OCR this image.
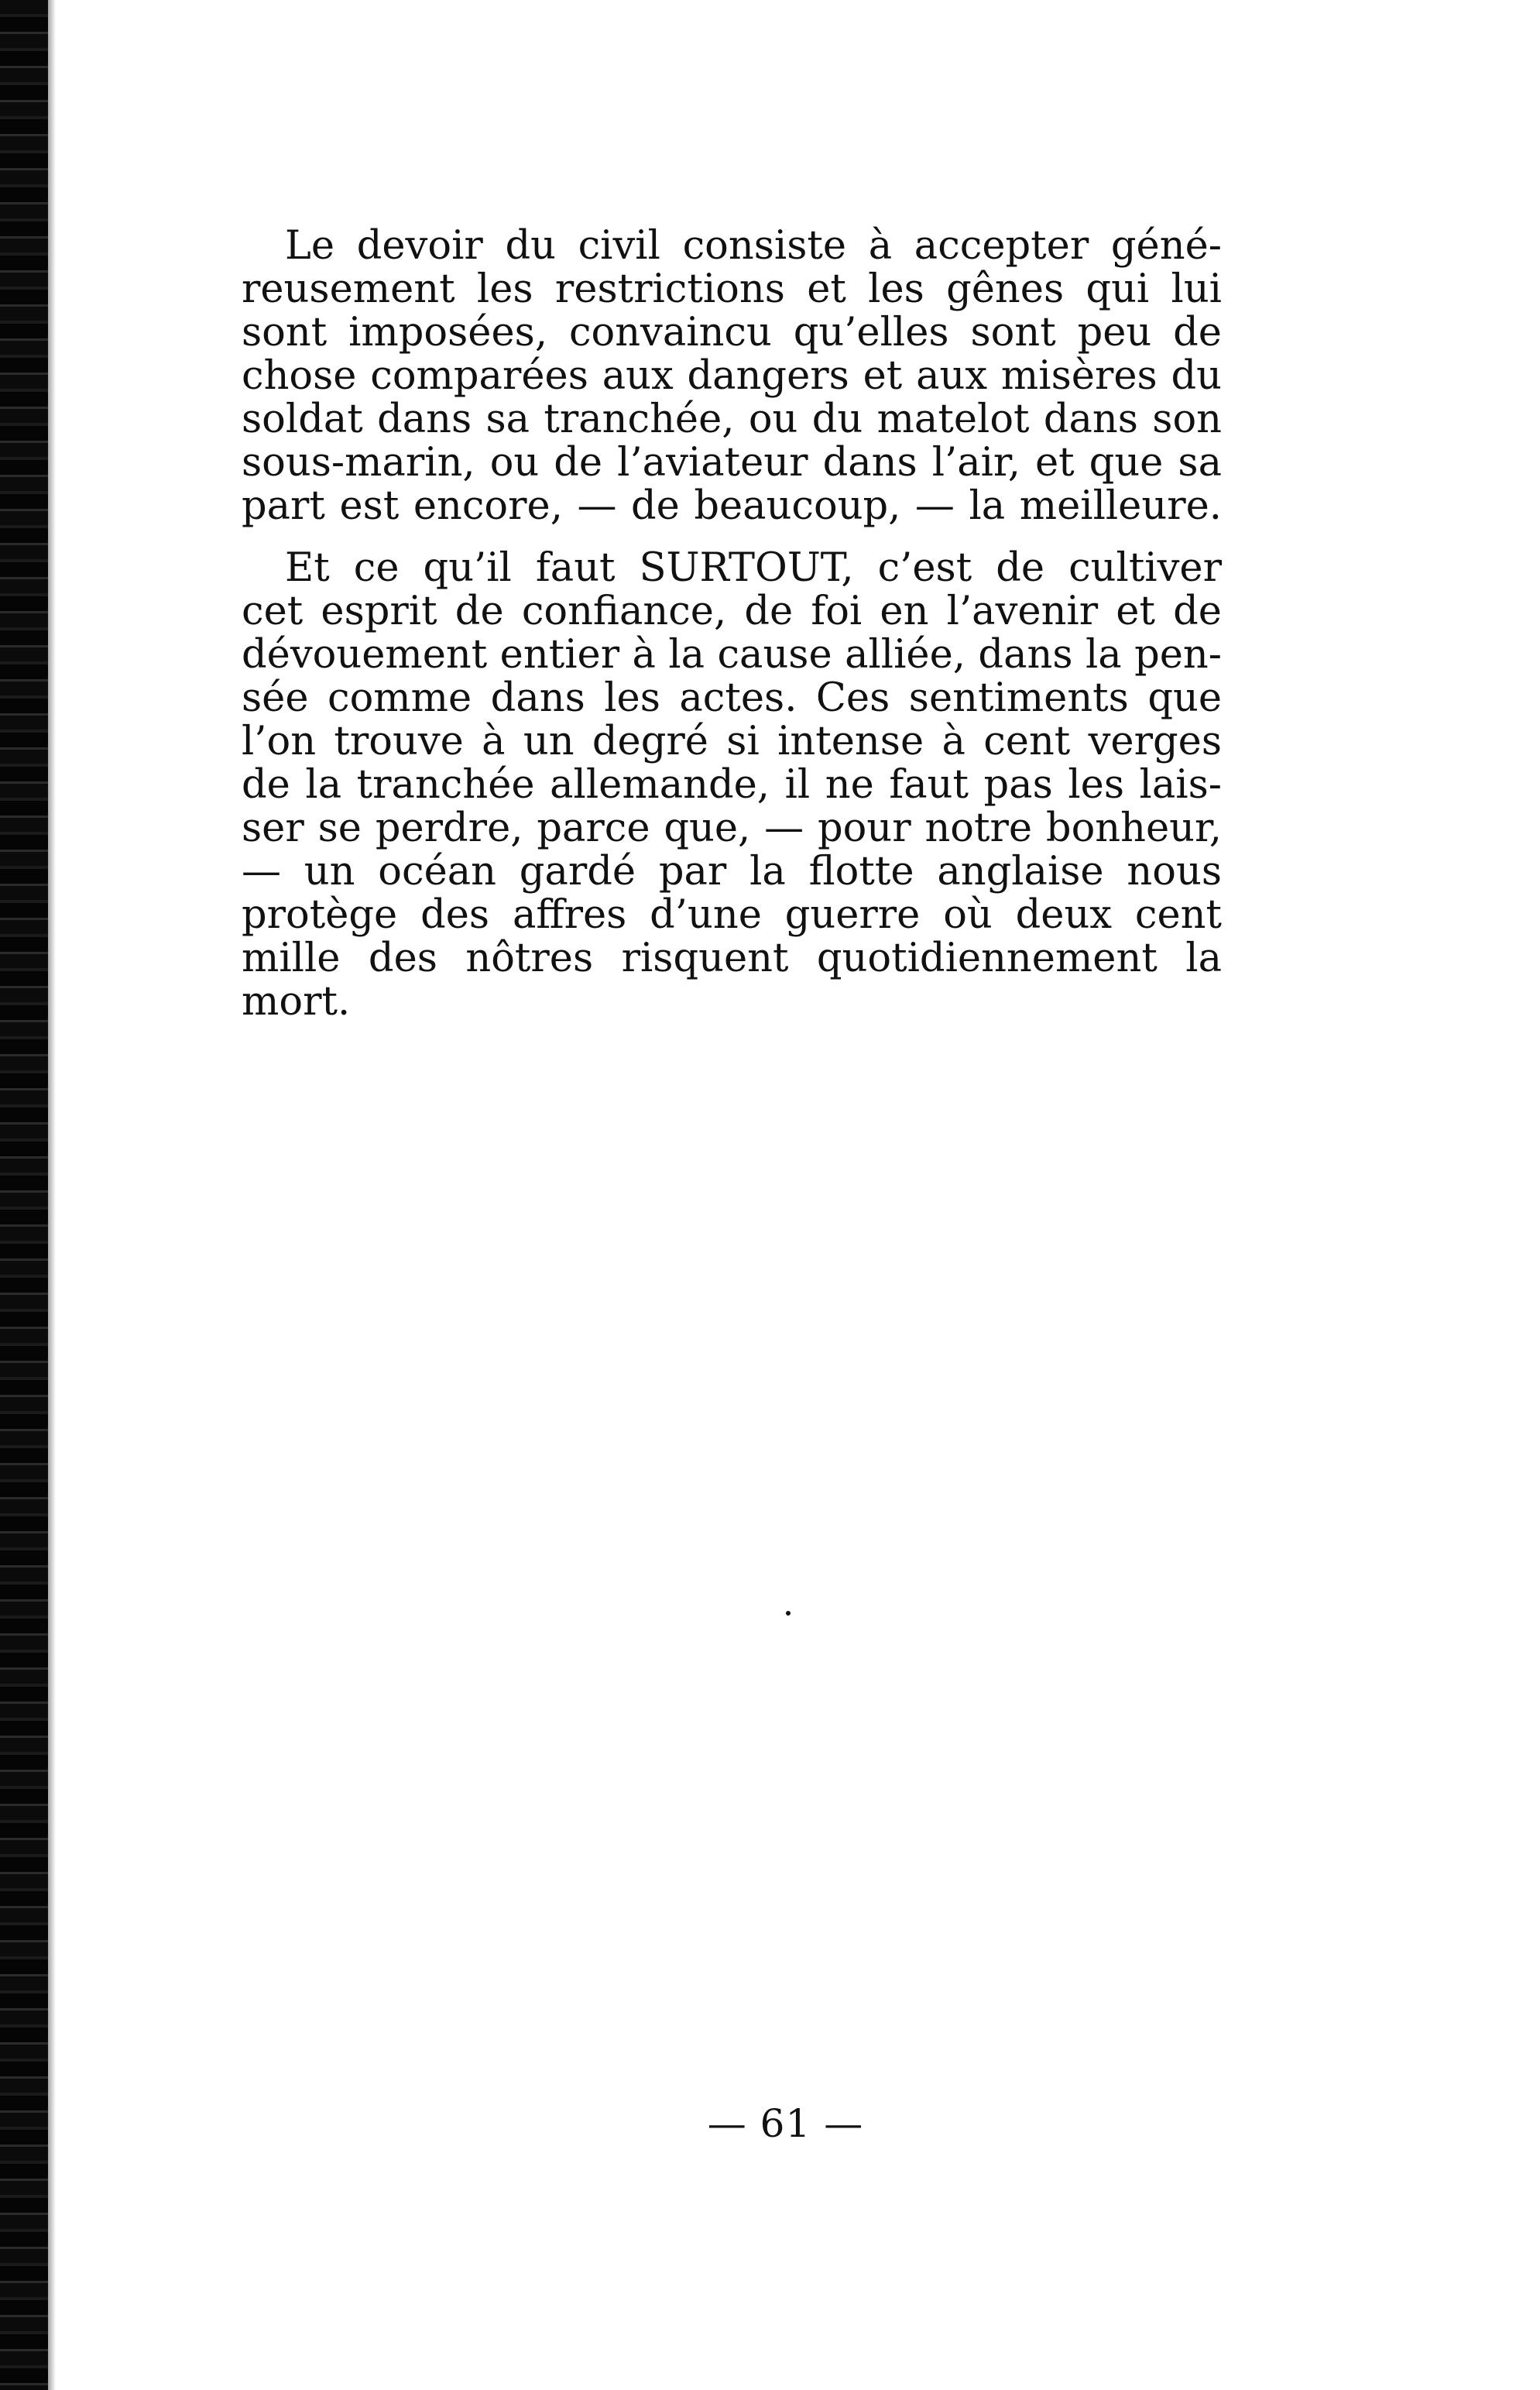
Le devoir du civil consiste à accepter géné-
reusement les restrictions et les gênes qui lui
sont imposées, convaincu qu’elles sont peu de
chose comparées aux dangers et aux misères du
soldat dans sa tranchée, ou du matelot dans son
sous-marin, ou de l’aviateur dans l’air, et que sa
part est encore, — de beaucoup, — la meilleure.
Et ce qu’il faut SURTOUT, c’est de cultiver
cet esprit de confiance, de foi en l’avenir et de
dévouement entier à la cause alliée, dans la pen-
sée comme dans les actes. Ces sentiments que
l’on trouve à un degré si intense à cent verges
de la tranchée allemande, il ne faut pas les lais-
ser se perdre, parce que, — pour notre bonheur,
— un océan gardé par la flotte anglaise nous
protège des affres d’une guerre où deux cent
mille des nôtres risquent quotidiennement la
mort.
— 61 —
